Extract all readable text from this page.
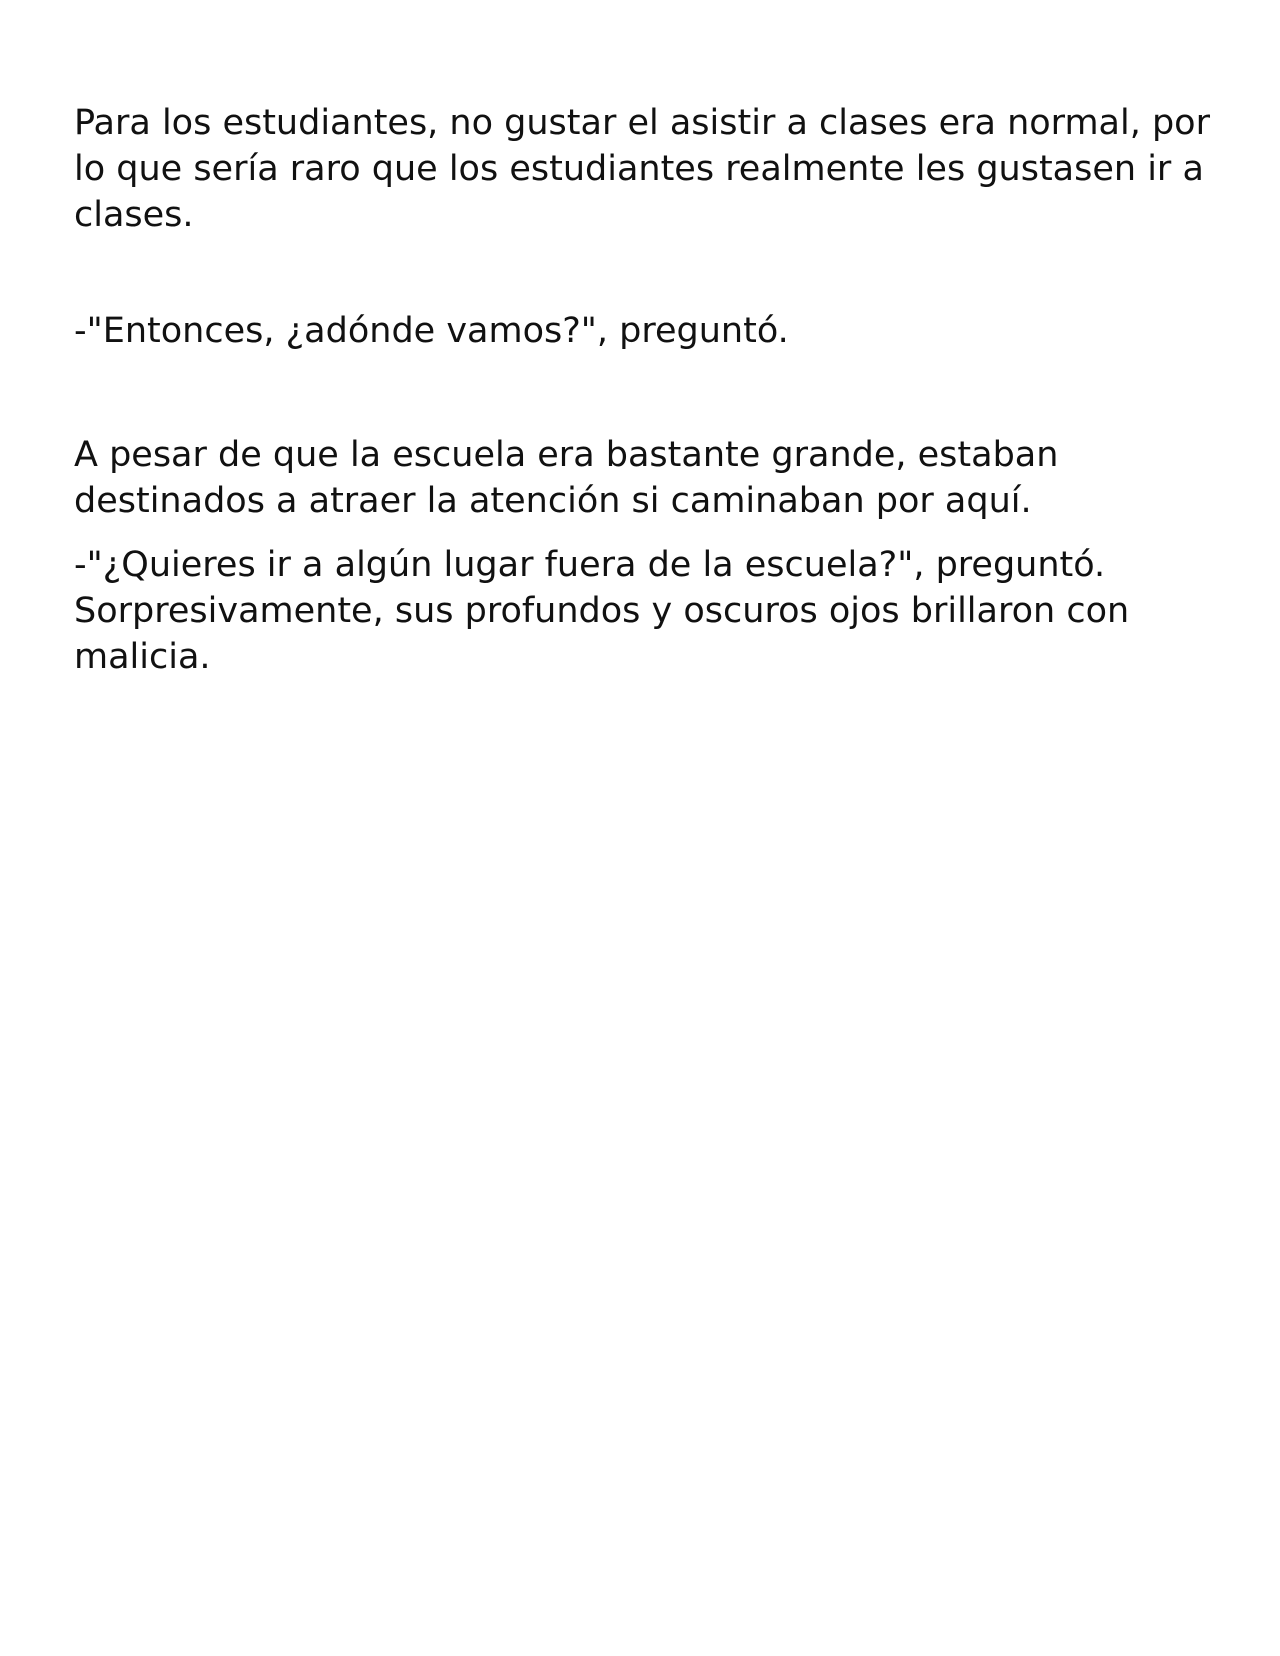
Para los estudiantes, no gustar el asistir a clases era normal, por lo que sería raro que los estudiantes realmente les gustasen ir a clases.

-"Entonces, ¿adónde vamos?", preguntó.

A pesar de que la escuela era bastante grande, estaban destinados a atraer la atención si caminaban por aquí.

-"¿Quieres ir a algún lugar fuera de la escuela?", preguntó. Sorpresivamente, sus profundos y oscuros ojos brillaron con malicia.
